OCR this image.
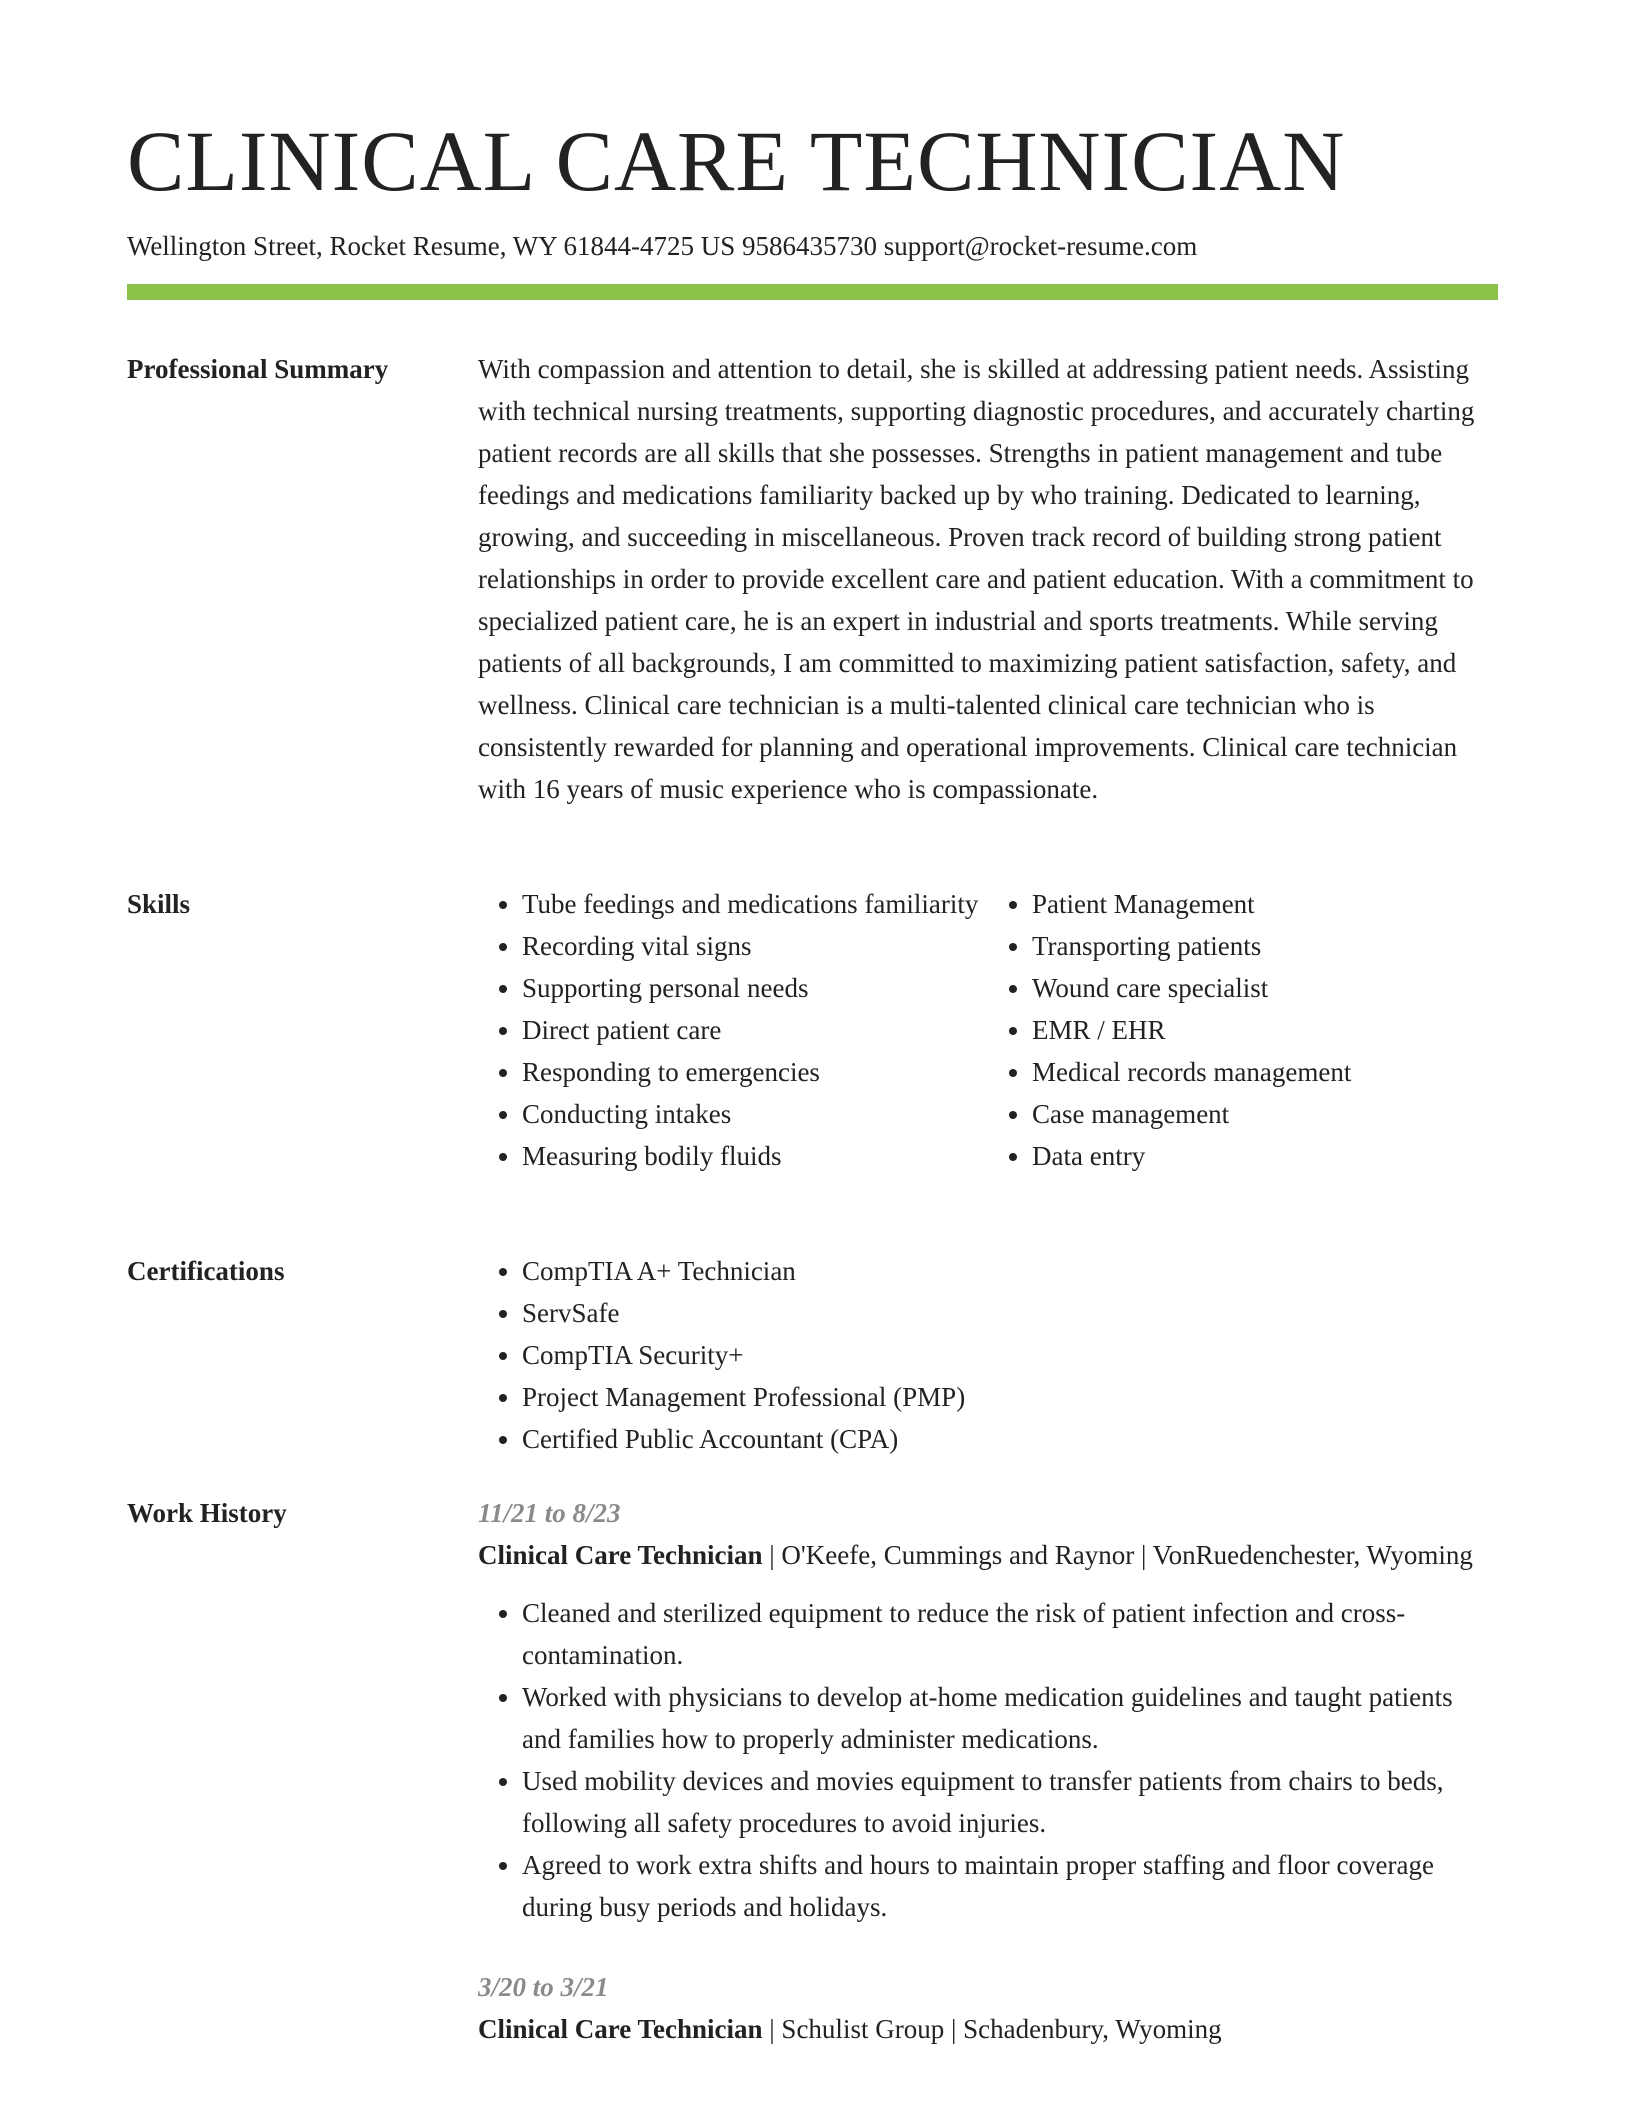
CLINICAL CARE TECHNICIAN
Wellington Street, Rocket Resume, WY 61844-4725 US 9586435730 support@rocket-resume.com
Professional Summary	With compassion and attention to detail, she is skilled at addressing patient needs. Assisting with technical nursing treatments, supporting diagnostic procedures, and accurately charting patient records are all skills that she possesses. Strengths in patient management and tube feedings and medications familiarity backed up by who training. Dedicated to learning, growing, and succeeding in miscellaneous. Proven track record of building strong patient relationships in order to provide excellent care and patient education. With a commitment to specialized patient care, he is an expert in industrial and sports treatments. While serving patients of all backgrounds, I am committed to maximizing patient satisfaction, safety, and wellness. Clinical care technician is a multi-talented clinical care technician who is consistently rewarded for planning and operational improvements. Clinical care technician with 16 years of music experience who is compassionate.

Skills	• Tube feedings and medications familiarity
• Recording vital signs
• Supporting personal needs
• Direct patient care
• Responding to emergencies
• Conducting intakes
• Measuring bodily fluids
• Patient Management
• Transporting patients
• Wound care specialist
• EMR / EHR
• Medical records management
• Case management
• Data entry
Certifications	• CompTIA A+ Technician
• ServSafe
• CompTIA Security+
• Project Management Professional (PMP)
• Certified Public Accountant (CPA)
Work History	11/21 to 8/23
Clinical Care Technician | O'Keefe, Cummings and Raynor | VonRuedenchester, Wyoming
• Cleaned and sterilized equipment to reduce the risk of patient infection and cross-contamination.
• Worked with physicians to develop at-home medication guidelines and taught patients and families how to properly administer medications.
• Used mobility devices and movies equipment to transfer patients from chairs to beds, following all safety procedures to avoid injuries.
• Agreed to work extra shifts and hours to maintain proper staffing and floor coverage during busy periods and holidays.
3/20 to 3/21
Clinical Care Technician | Schulist Group | Schadenbury, Wyoming
